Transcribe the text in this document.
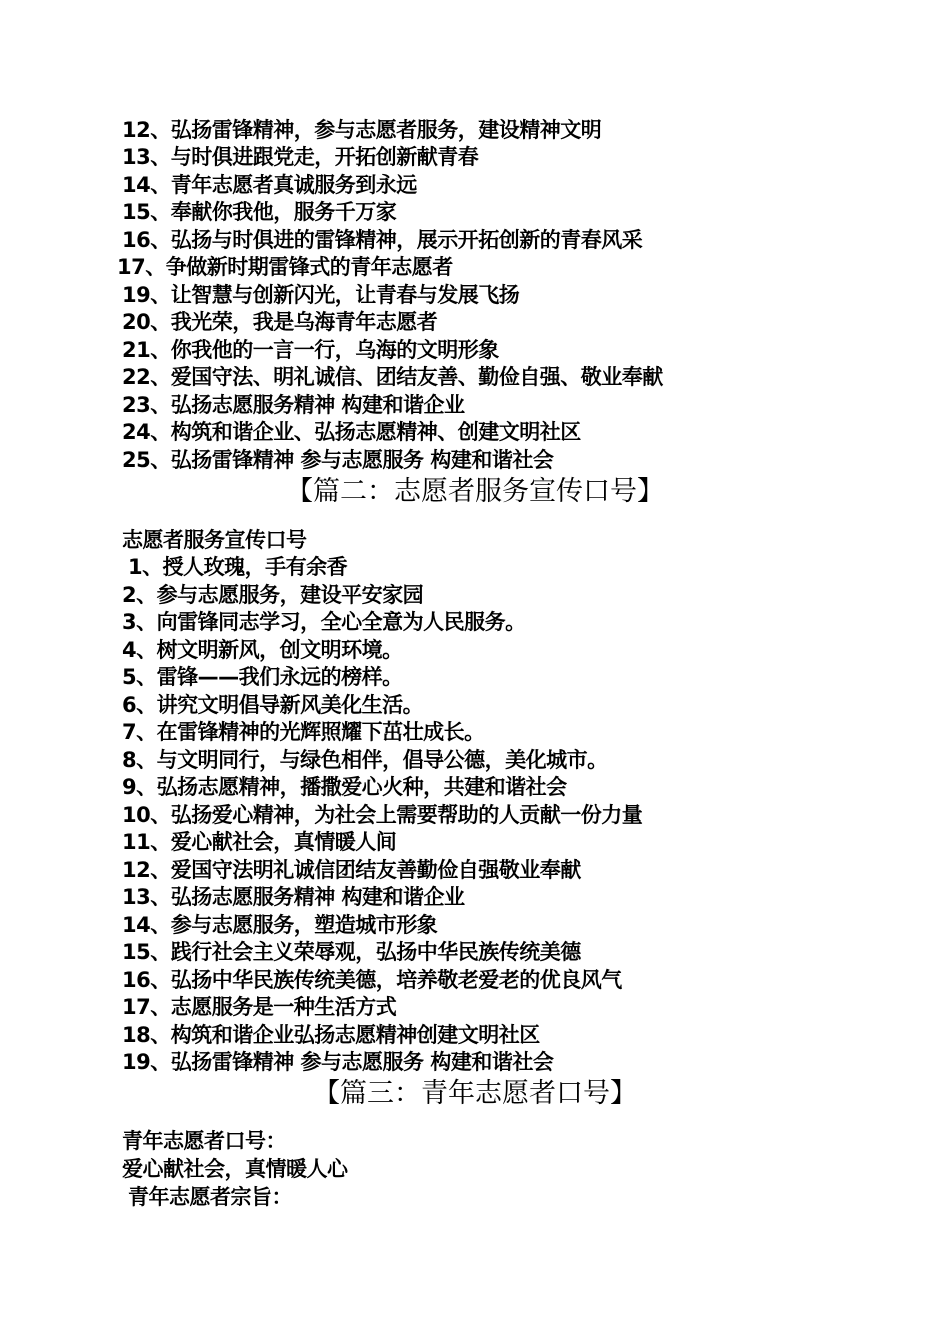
12、弘扬雷锋精神，参与志愿者服务，建设精神文明
13、与时俱进跟党走，开拓创新献青春
14、青年志愿者真诚服务到永远
15、奉献你我他，服务千万家
16、弘扬与时俱进的雷锋精神，展示开拓创新的青春风采
17、争做新时期雷锋式的青年志愿者
19、让智慧与创新闪光，让青春与发展飞扬
20、我光荣，我是乌海青年志愿者
21、你我他的一言一行，乌海的文明形象
22、爱国守法、明礼诚信、团结友善、勤俭自强、敬业奉献
23、弘扬志愿服务精神 构建和谐企业
24、构筑和谐企业、弘扬志愿精神、创建文明社区
25、弘扬雷锋精神 参与志愿服务 构建和谐社会
【篇二：志愿者服务宣传口号】
志愿者服务宣传口号
1、授人玫瑰，手有余香
2、参与志愿服务，建设平安家园
3、向雷锋同志学习，全心全意为人民服务。
4、树文明新风，创文明环境。
5、雷锋——我们永远的榜样。
6、讲究文明倡导新风美化生活。
7、在雷锋精神的光辉照耀下茁壮成长。
8、与文明同行，与绿色相伴，倡导公德，美化城市。
9、弘扬志愿精神，播撒爱心火种，共建和谐社会
10、弘扬爱心精神，为社会上需要帮助的人贡献一份力量
11、爱心献社会，真情暖人间
12、爱国守法明礼诚信团结友善勤俭自强敬业奉献
13、弘扬志愿服务精神 构建和谐企业
14、参与志愿服务，塑造城市形象
15、践行社会主义荣辱观，弘扬中华民族传统美德
16、弘扬中华民族传统美德，培养敬老爱老的优良风气
17、志愿服务是一种生活方式
18、构筑和谐企业弘扬志愿精神创建文明社区
19、弘扬雷锋精神 参与志愿服务 构建和谐社会
【篇三：青年志愿者口号】
青年志愿者口号：
爱心献社会，真情暖人心
青年志愿者宗旨：
